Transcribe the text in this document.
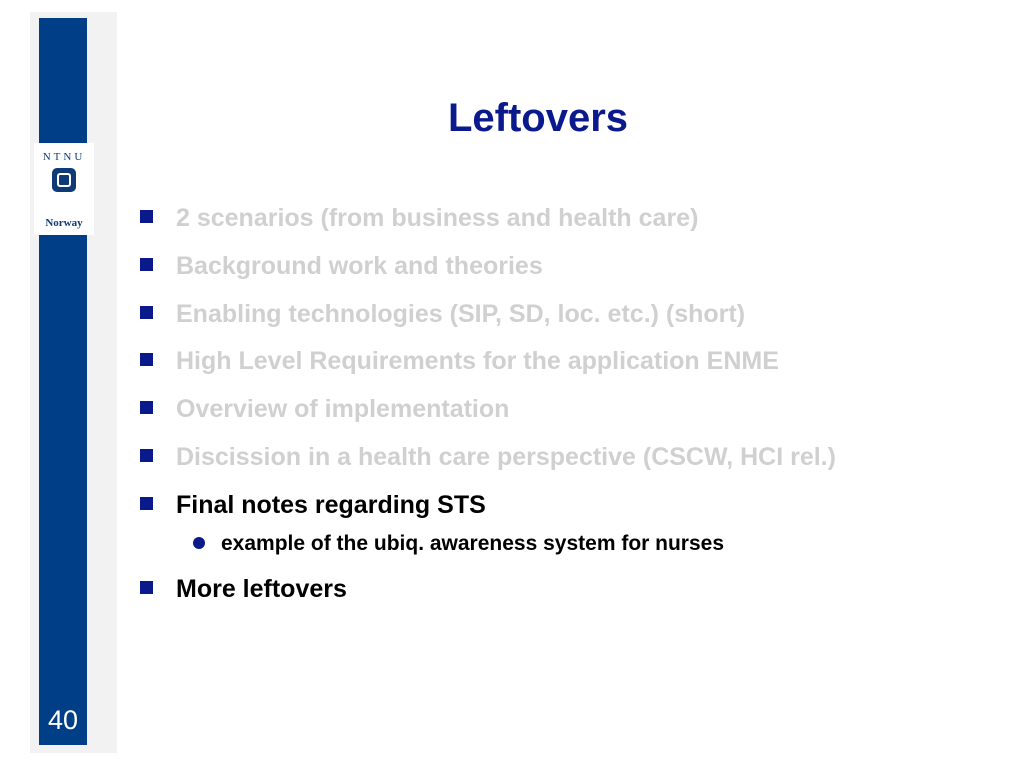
NTNU
Norway
40
Leftovers
2 scenarios (from business and health care)
Background work and theories
Enabling technologies (SIP, SD, loc. etc.) (short)
High Level Requirements for the application ENME
Overview of implementation
Discission in a health care perspective (CSCW, HCI rel.)
Final notes regarding STS
example of the ubiq. awareness system for nurses
More leftovers
